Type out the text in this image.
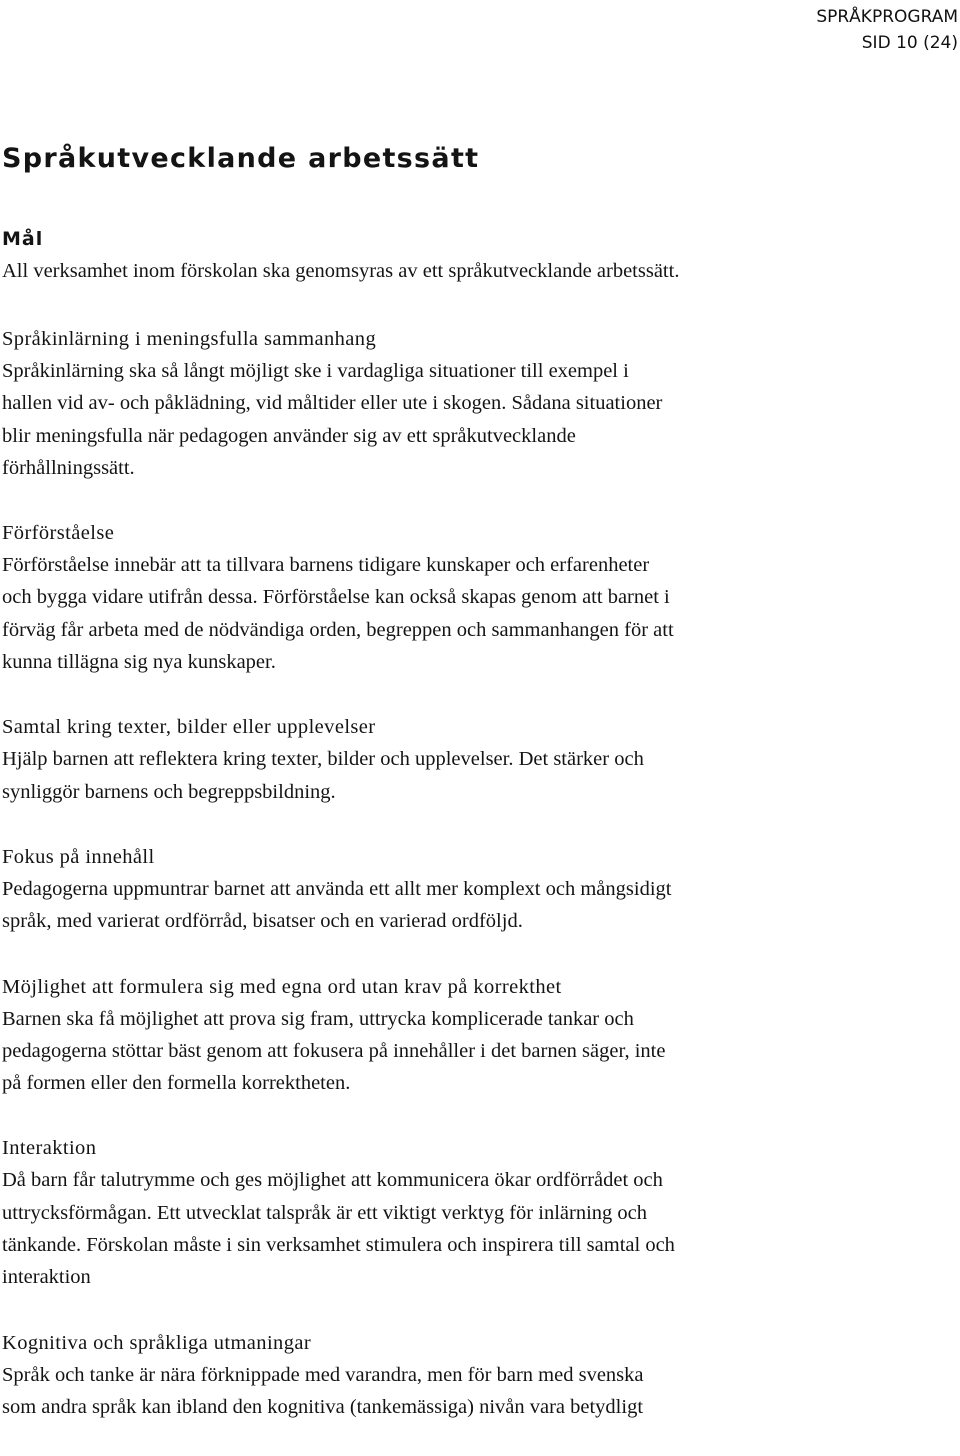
SPRÅKPROGRAM
SID 10 (24)
Språkutvecklande arbetssätt
Mål

All verksamhet inom förskolan ska genomsyras av ett språkutvecklande arbetssätt.

Språkinlärning i meningsfulla sammanhang

Språkinlärning ska så långt möjligt ske i vardagliga situationer till exempel i
hallen vid av- och påklädning, vid måltider eller ute i skogen. Sådana situationer
blir meningsfulla när pedagogen använder sig av ett språkutvecklande
förhållningssätt.

Förförståelse

Förförståelse innebär att ta tillvara barnens tidigare kunskaper och erfarenheter
och bygga vidare utifrån dessa. Förförståelse kan också skapas genom att barnet i
förväg får arbeta med de nödvändiga orden, begreppen och sammanhangen för att
kunna tillägna sig nya kunskaper.

Samtal kring texter, bilder eller upplevelser

Hjälp barnen att reflektera kring texter, bilder och upplevelser. Det stärker och
synliggör barnens och begreppsbildning.

Fokus på innehåll

Pedagogerna uppmuntrar barnet att använda ett allt mer komplext och mångsidigt
språk, med varierat ordförråd, bisatser och en varierad ordföljd.

Möjlighet att formulera sig med egna ord utan krav på korrekthet

Barnen ska få möjlighet att prova sig fram, uttrycka komplicerade tankar och
pedagogerna stöttar bäst genom att fokusera på innehåller i det barnen säger, inte
på formen eller den formella korrektheten.

Interaktion

Då barn får talutrymme och ges möjlighet att kommunicera ökar ordförrådet och
uttrycksförmågan. Ett utvecklat talspråk är ett viktigt verktyg för inlärning och
tänkande. Förskolan måste i sin verksamhet stimulera och inspirera till samtal och
interaktion

Kognitiva och språkliga utmaningar

Språk och tanke är nära förknippade med varandra, men för barn med svenska
som andra språk kan ibland den kognitiva (tankemässiga) nivån vara betydligt
